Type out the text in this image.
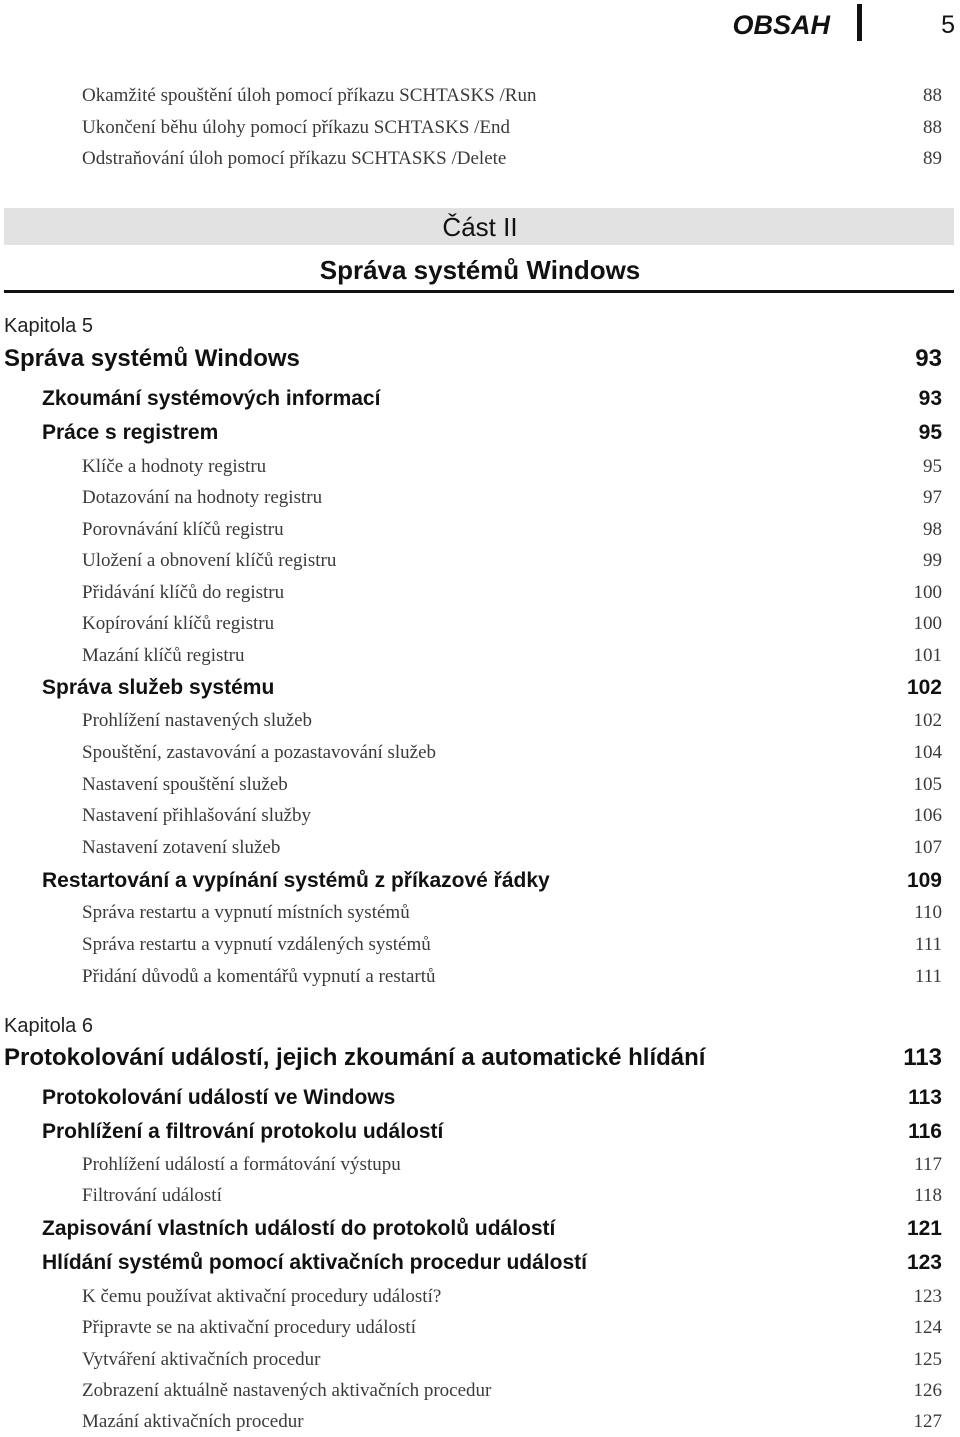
OBSAH	5
Okamžité spouštění úloh pomocí příkazu SCHTASKS /Run	88
Ukončení běhu úlohy pomocí příkazu SCHTASKS /End	88
Odstraňování úloh pomocí příkazu SCHTASKS /Delete	89
Část II
Správa systémů Windows
Kapitola 5
Správa systémů Windows	93
Zkoumání systémových informací	93
Práce s registrem	95
Klíče a hodnoty registru	95
Dotazování na hodnoty registru	97
Porovnávání klíčů registru	98
Uložení a obnovení klíčů registru	99
Přidávání klíčů do registru	100
Kopírování klíčů registru	100
Mazání klíčů registru	101
Správa služeb systému	102
Prohlížení nastavených služeb	102
Spouštění, zastavování a pozastavování služeb	104
Nastavení spouštění služeb	105
Nastavení přihlašování služby	106
Nastavení zotavení služeb	107
Restartování a vypínání systémů z příkazové řádky	109
Správa restartu a vypnutí místních systémů	110
Správa restartu a vypnutí vzdálených systémů	111
Přidání důvodů a komentářů vypnutí a restartů	111
Kapitola 6
Protokolování událostí, jejich zkoumání a automatické hlídání	113
Protokolování událostí ve Windows	113
Prohlížení a filtrování protokolu událostí	116
Prohlížení událostí a formátování výstupu	117
Filtrování událostí	118
Zapisování vlastních událostí do protokolů událostí	121
Hlídání systémů pomocí aktivačních procedur událostí	123
K čemu používat aktivační procedury událostí?	123
Připravte se na aktivační procedury událostí	124
Vytváření aktivačních procedur	125
Zobrazení aktuálně nastavených aktivačních procedur	126
Mazání aktivačních procedur	127
